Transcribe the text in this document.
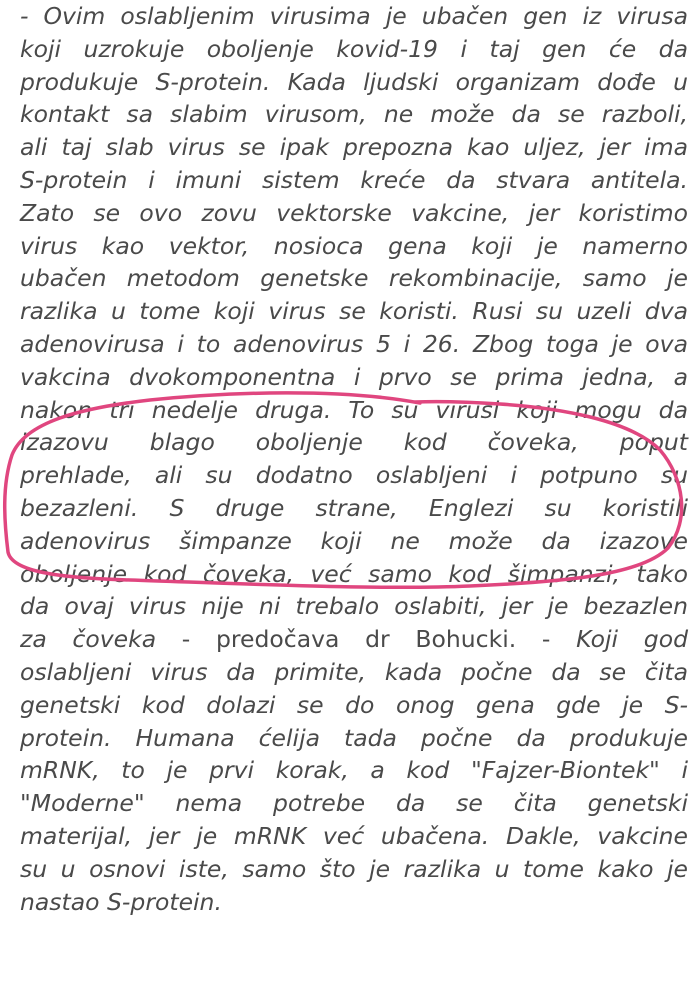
- Ovim oslabljenim virusima je ubačen gen iz virusa
koji uzrokuje oboljenje kovid-19 i taj gen će da
produkuje S-protein. Kada ljudski organizam dođe u
kontakt sa slabim virusom, ne može da se razboli,
ali taj slab virus se ipak prepozna kao uljez, jer ima
S-protein i imuni sistem kreće da stvara antitela.
Zato se ovo zovu vektorske vakcine, jer koristimo
virus kao vektor, nosioca gena koji je namerno
ubačen metodom genetske rekombinacije, samo je
razlika u tome koji virus se koristi. Rusi su uzeli dva
adenovirusa i to adenovirus 5 i 26. Zbog toga je ova
vakcina dvokomponentna i prvo se prima jedna, a
nakon tri nedelje druga. To su virusi koji mogu da
izazovu blago oboljenje kod čoveka, poput
prehlade, ali su dodatno oslabljeni i potpuno su
bezazleni. S druge strane, Englezi su koristili
adenovirus šimpanze koji ne može da izazove
oboljenje kod čoveka, već samo kod šimpanzi, tako
da ovaj virus nije ni trebalo oslabiti, jer je bezazlen
za čoveka - predočava dr Bohucki. - Koji god
oslabljeni virus da primite, kada počne da se čita
genetski kod dolazi se do onog gena gde je S-
protein. Humana ćelija tada počne da produkuje
mRNK, to je prvi korak, a kod "Fajzer-Biontek" i
"Moderne" nema potrebe da se čita genetski
materijal, jer je mRNK već ubačena. Dakle, vakcine
su u osnovi iste, samo što je razlika u tome kako je
nastao S-protein.
